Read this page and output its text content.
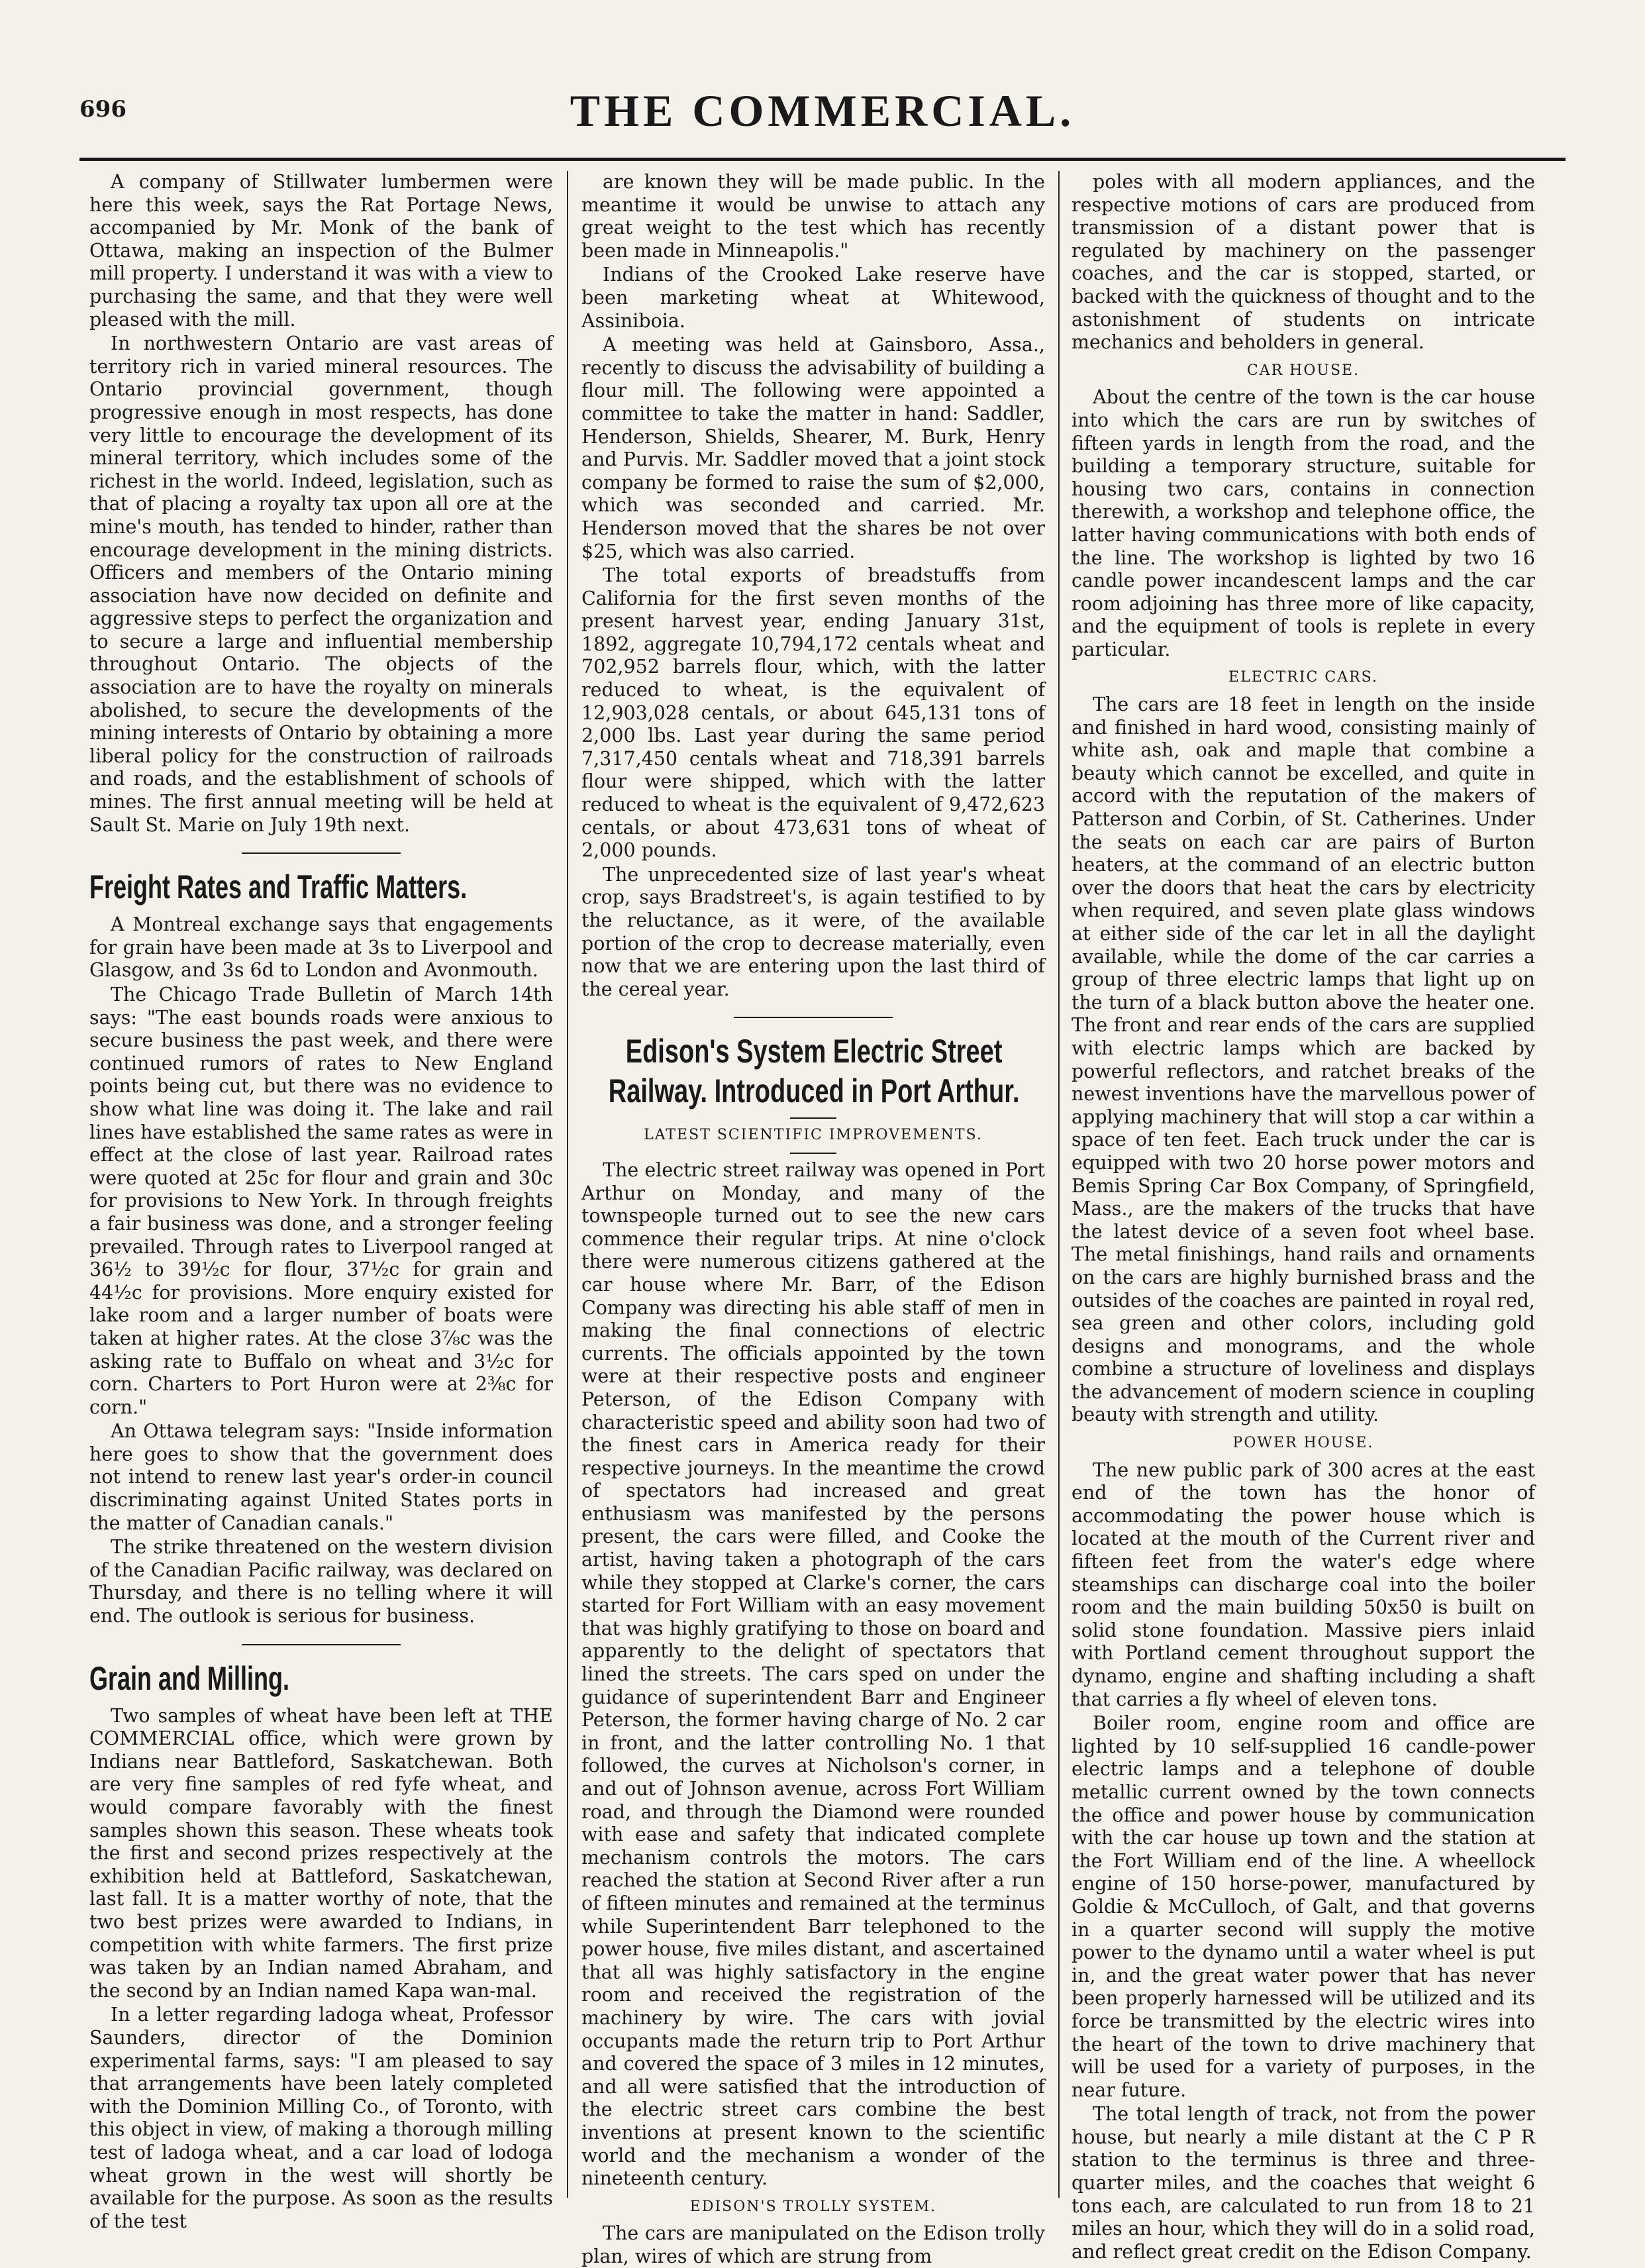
696	THE COMMERCIAL.

A company of Stillwater lumbermen were here this week, says the Rat Portage News, accompanied by Mr. Monk of the bank of Ottawa, making an inspection of the Bulmer mill property. I understand it was with a view to purchasing the same, and that they were well pleased with the mill.

In northwestern Ontario are vast areas of territory rich in varied mineral resources. The Ontario provincial government, though progressive enough in most respects, has done very little to encourage the development of its mineral territory, which includes some of the richest in the world. Indeed, legislation, such as that of placing a royalty tax upon all ore at the mine's mouth, has tended to hinder, rather than encourage development in the mining districts. Officers and members of the Ontario mining association have now decided on definite and aggressive steps to perfect the organization and to secure a large and influential membership throughout Ontario. The objects of the association are to have the royalty on minerals abolished, to secure the developments of the mining interests of Ontario by obtaining a more liberal policy for the construction of railroads and roads, and the establishment of schools of mines. The first annual meeting will be held at Sault St. Marie on July 19th next.

Freight Rates and Traffic Matters.

A Montreal exchange says that engagements for grain have been made at 3s to Liverpool and Glasgow, and 3s 6d to London and Avonmouth.

The Chicago Trade Bulletin of March 14th says: "The east bounds roads were anxious to secure business the past week, and there were continued rumors of rates to New England points being cut, but there was no evidence to show what line was doing it. The lake and rail lines have established the same rates as were in effect at the close of last year. Railroad rates were quoted at 25c for flour and grain and 30c for provisions to New York. In through freights a fair business was done, and a stronger feeling prevailed. Through rates to Liverpool ranged at 36½ to 39½c for flour, 37½c for grain and 44½c for provisions. More enquiry existed for lake room and a larger number of boats were taken at higher rates. At the close 3⅞c was the asking rate to Buffalo on wheat and 3½c for corn. Charters to Port Huron were at 2⅜c for corn."

An Ottawa telegram says: "Inside information here goes to show that the government does not intend to renew last year's order-in council discriminating against United States ports in the matter of Canadian canals."

The strike threatened on the western division of the Canadian Pacific railway, was declared on Thursday, and there is no telling where it will end. The outlook is serious for business.

Grain and Milling.

Two samples of wheat have been left at THE COMMERCIAL office, which were grown by Indians near Battleford, Saskatchewan. Both are very fine samples of red fyfe wheat, and would compare favorably with the finest samples shown this season. These wheats took the first and second prizes respectively at the exhibition held at Battleford, Saskatchewan, last fall. It is a matter worthy of note, that the two best prizes were awarded to Indians, in competition with white farmers. The first prize was taken by an Indian named Abraham, and the second by an Indian named Kapa wan-mal.

In a letter regarding ladoga wheat, Professor Saunders, director of the Dominion experimental farms, says: "I am pleased to say that arrangements have been lately completed with the Dominion Milling Co., of Toronto, with this object in view, of making a thorough milling test of ladoga wheat, and a car load of lodoga wheat grown in the west will shortly be available for the purpose. As soon as the results of the test

are known they will be made public. In the meantime it would be unwise to attach any great weight to the test which has recently been made in Minneapolis."

Indians of the Crooked Lake reserve have been marketing wheat at Whitewood, Assiniboia.

A meeting was held at Gainsboro, Assa., recently to discuss the advisability of building a flour mill. The following were appointed a committee to take the matter in hand: Saddler, Henderson, Shields, Shearer, M. Burk, Henry and Purvis. Mr. Saddler moved that a joint stock company be formed to raise the sum of $2,000, which was seconded and carried. Mr. Henderson moved that the shares be not over $25, which was also carried.

The total exports of breadstuffs from California for the first seven months of the present harvest year, ending January 31st, 1892, aggregate 10,794,172 centals wheat and 702,952 barrels flour, which, with the latter reduced to wheat, is the equivalent of 12,903,028 centals, or about 645,131 tons of 2,000 lbs. Last year during the same period 7,317,450 centals wheat and 718,391 barrels flour were shipped, which with the latter reduced to wheat is the equivalent of 9,472,623 centals, or about 473,631 tons of wheat of 2,000 pounds.

The unprecedented size of last year's wheat crop, says Bradstreet's, is again testified to by the reluctance, as it were, of the available portion of the crop to decrease materially, even now that we are entering upon the last third of the cereal year.

Edison's System Electric Street Railway. Introduced in Port Arthur.
LATEST SCIENTIFIC IMPROVEMENTS.

The electric street railway was opened in Port Arthur on Monday, and many of the townspeople turned out to see the new cars commence their regular trips. At nine o'clock there were numerous citizens gathered at the car house where Mr. Barr, of the Edison Company was directing his able staff of men in making the final connections of electric currents. The officials appointed by the town were at their respective posts and engineer Peterson, of the Edison Company with characteristic speed and ability soon had two of the finest cars in America ready for their respective journeys. In the meantime the crowd of spectators had increased and great enthusiasm was manifested by the persons present, the cars were filled, and Cooke the artist, having taken a photograph of the cars while they stopped at Clarke's corner, the cars started for Fort William with an easy movement that was highly gratifying to those on board and apparently to the delight of spectators that lined the streets. The cars sped on under the guidance of superintendent Barr and Engineer Peterson, the former having charge of No. 2 car in front, and the latter controlling No. 1 that followed, the curves at Nicholson's corner, in and out of Johnson avenue, across Fort William road, and through the Diamond were rounded with ease and safety that indicated complete mechanism controls the motors. The cars reached the station at Second River after a run of fifteen minutes and remained at the terminus while Superintendent Barr telephoned to the power house, five miles distant, and ascertained that all was highly satisfactory in the engine room and received the registration of the machinery by wire. The cars with jovial occupants made the return trip to Port Arthur and covered the space of 3 miles in 12 minutes, and all were satisfied that the introduction of the electric street cars combine the best inventions at present known to the scientific world and the mechanism a wonder of the nineteenth century.

EDISON'S TROLLY SYSTEM.

The cars are manipulated on the Edison trolly plan, wires of which are strung from

poles with all modern appliances, and the respective motions of cars are produced from transmission of a distant power that is regulated by machinery on the passenger coaches, and the car is stopped, started, or backed with the quickness of thought and to the astonishment of students on intricate mechanics and beholders in general.

CAR HOUSE.

About the centre of the town is the car house into which the cars are run by switches of fifteen yards in length from the road, and the building a temporary structure, suitable for housing two cars, contains in connection therewith, a workshop and telephone office, the latter having communications with both ends of the line. The workshop is lighted by two 16 candle power incandescent lamps and the car room adjoining has three more of like capacity, and the equipment of tools is replete in every particular.

ELECTRIC CARS.

The cars are 18 feet in length on the inside and finished in hard wood, consisting mainly of white ash, oak and maple that combine a beauty which cannot be excelled, and quite in accord with the reputation of the makers of Patterson and Corbin, of St. Catherines. Under the seats on each car are pairs of Burton heaters, at the command of an electric button over the doors that heat the cars by electricity when required, and seven plate glass windows at either side of the car let in all the daylight available, while the dome of the car carries a group of three electric lamps that light up on the turn of a black button above the heater one. The front and rear ends of the cars are supplied with electric lamps which are backed by powerful reflectors, and ratchet breaks of the newest inventions have the marvellous power of applying machinery that will stop a car within a space of ten feet. Each truck under the car is equipped with two 20 horse power motors and Bemis Spring Car Box Company, of Springfield, Mass., are the makers of the trucks that have the latest device of a seven foot wheel base. The metal finishings, hand rails and ornaments on the cars are highly burnished brass and the outsides of the coaches are painted in royal red, sea green and other colors, including gold designs and monograms, and the whole combine a structure of loveliness and displays the advancement of modern science in coupling beauty with strength and utility.

POWER HOUSE.

The new public park of 300 acres at the east end of the town has the honor of accommodating the power house which is located at the mouth of the Current river and fifteen feet from the water's edge where steamships can discharge coal into the boiler room and the main building 50x50 is built on solid stone foundation. Massive piers inlaid with Portland cement throughout support the dynamo, engine and shafting including a shaft that carries a fly wheel of eleven tons.

Boiler room, engine room and office are lighted by 10 self-supplied 16 candle-power electric lamps and a telephone of double metallic current owned by the town connects the office and power house by communication with the car house up town and the station at the Fort William end of the line. A wheellock engine of 150 horse-power, manufactured by Goldie & McCulloch, of Galt, and that governs in a quarter second will supply the motive power to the dynamo until a water wheel is put in, and the great water power that has never been properly harnessed will be utilized and its force be transmitted by the electric wires into the heart of the town to drive machinery that will be used for a variety of purposes, in the near future.

The total length of track, not from the power house, but nearly a mile distant at the C P R station to the terminus is three and three-quarter miles, and the coaches that weight 6 tons each, are calculated to run from 18 to 21 miles an hour, which they will do in a solid road, and reflect great credit on the Edison Company.
